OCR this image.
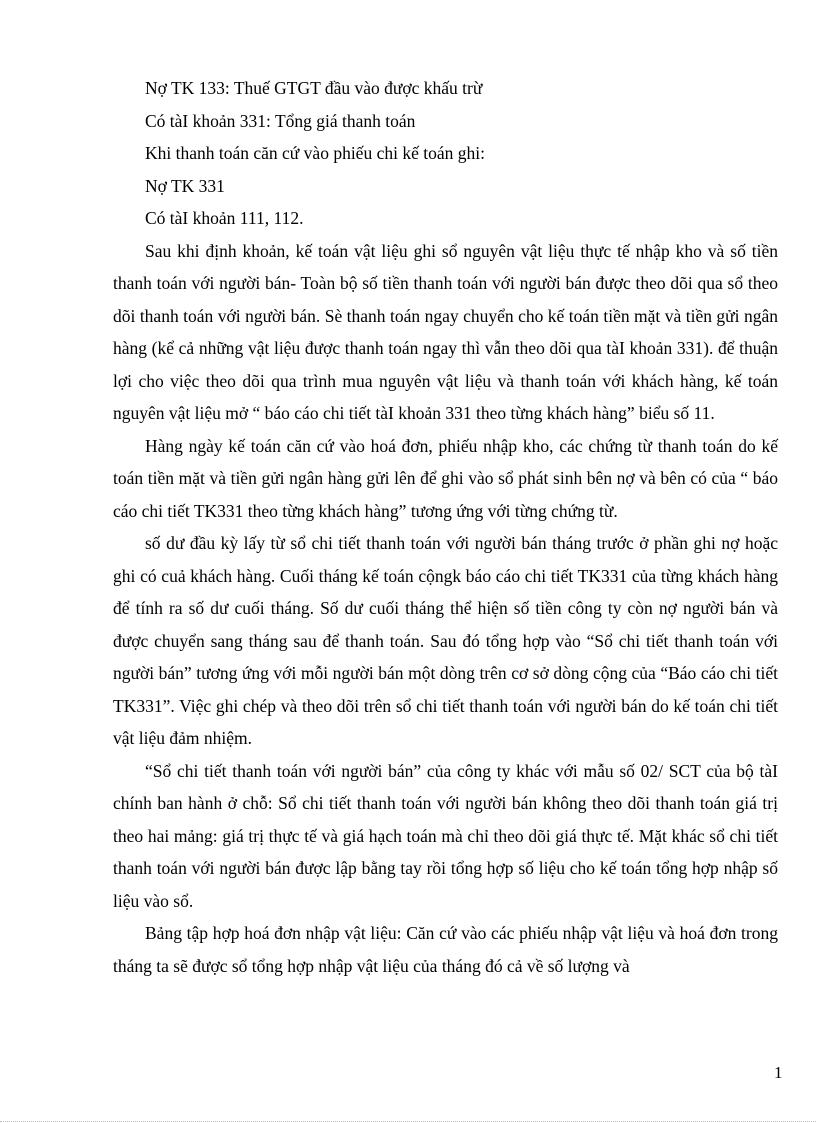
Nợ TK 133: Thuế GTGT đầu vào được khấu trừ

Có tàI khoản 331: Tổng giá thanh toán

Khi thanh toán căn cứ vào phiếu chi kế toán ghi:

Nợ TK 331

Có tàI khoản 111, 112.

Sau khi định khoản, kế toán vật liệu ghi sổ nguyên vật liệu thực tế nhập kho và số tiền thanh toán với người bán- Toàn bộ số tiền thanh toán với người bán được theo dõi qua sổ theo dõi thanh toán với người bán. Sè thanh toán ngay chuyển cho kế toán tiền mặt và tiền gửi ngân hàng (kể cả những vật liệu được thanh toán ngay thì vẫn theo dõi qua tàI khoản 331). để thuận lợi cho việc theo dõi qua trình mua nguyên vật liệu và thanh toán với khách hàng, kế toán nguyên vật liệu mở “ báo cáo chi tiết tàI khoản 331 theo từng khách hàng” biểu số 11.

Hàng ngày kế toán căn cứ vào hoá đơn, phiếu nhập kho, các chứng từ thanh toán do kế toán tiền mặt và tiền gửi ngân hàng gửi lên để ghi vào sổ phát sinh bên nợ và bên có của “ báo cáo chi tiết TK331 theo từng khách hàng” tương ứng với từng chứng từ.

số dư đầu kỳ lấy từ sổ chi tiết thanh toán với người bán tháng trước ở phần ghi nợ hoặc ghi có cuả khách hàng. Cuối tháng kế toán cộngk báo cáo chi tiết TK331 của từng khách hàng để tính ra số dư cuối tháng. Số dư cuối tháng thể hiện số tiền công ty còn nợ người bán và được chuyển sang tháng sau để thanh toán. Sau đó tổng hợp vào “Sổ chi tiết thanh toán với người bán” tương ứng với mỗi người bán một dòng trên cơ sở dòng cộng của “Báo cáo chi tiết TK331”. Việc ghi chép và theo dõi trên sổ chi tiết thanh toán với người bán do kế toán chi tiết vật liệu đảm nhiệm.

“Sổ chi tiết thanh toán với người bán” của công ty khác với mẫu số 02/ SCT của bộ tàI chính ban hành ở chỗ: Sổ chi tiết thanh toán với người bán không theo dõi thanh toán giá trị theo hai mảng: giá trị thực tế và giá hạch toán mà chỉ theo dõi giá thực tế. Mặt khác sổ chi tiết thanh toán với người bán được lập bằng tay rồi tổng hợp số liệu cho kế toán tổng hợp nhập số liệu vào sổ.

Bảng tập hợp hoá đơn nhập vật liệu: Căn cứ vào các phiếu nhập vật liệu và hoá đơn trong tháng ta sẽ được sổ tổng hợp nhập vật liệu của tháng đó cả về số lượng và

1
